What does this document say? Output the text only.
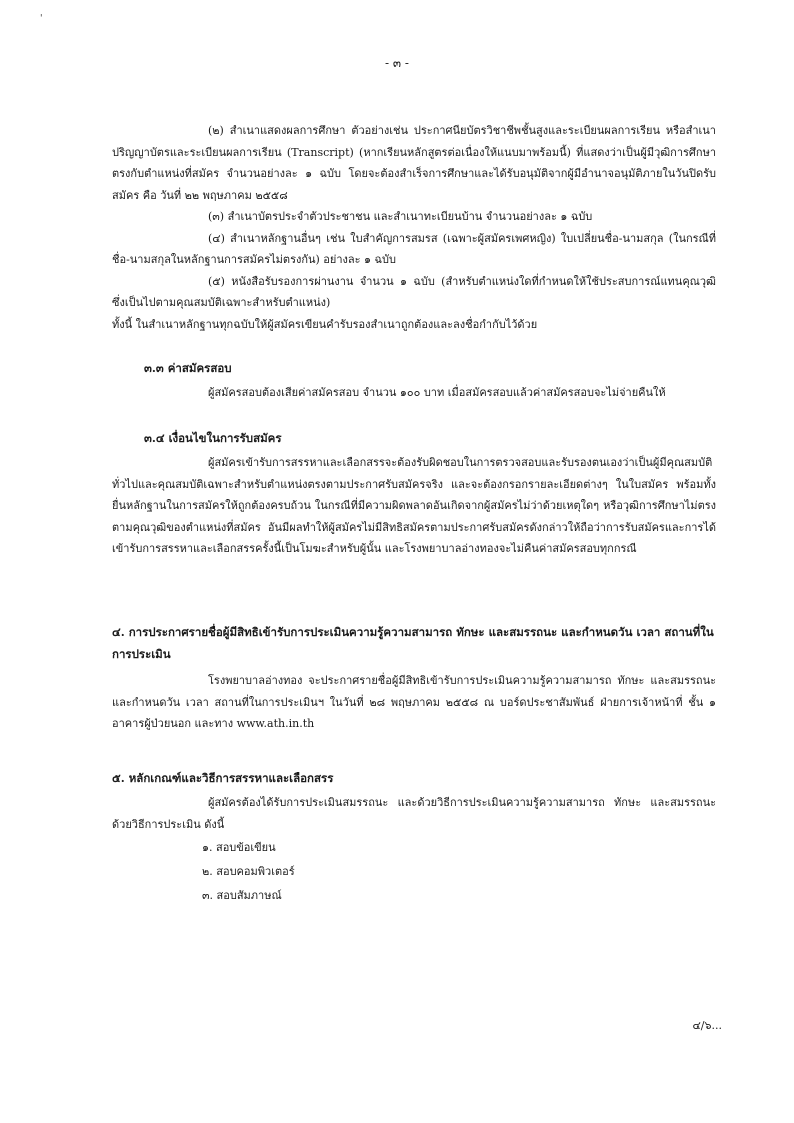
'
- ๓ -

(๒) สำเนาแสดงผลการศึกษา ตัวอย่างเช่น ประกาศนียบัตรวิชาชีพชั้นสูงและระเบียนผลการเรียน หรือสำเนาปริญญาบัตรและระเบียนผลการเรียน (Transcript) (หากเรียนหลักสูตรต่อเนื่องให้แนบมาพร้อมนี้) ที่แสดงว่าเป็นผู้มีวุฒิการศึกษาตรงกับตำแหน่งที่สมัคร จำนวนอย่างละ ๑ ฉบับ โดยจะต้องสำเร็จการศึกษาและได้รับอนุมัติจากผู้มีอำนาจอนุมัติภายในวันปิดรับสมัคร คือ วันที่ ๒๒ พฤษภาคม ๒๕๕๘

(๓) สำเนาบัตรประจำตัวประชาชน และสำเนาทะเบียนบ้าน จำนวนอย่างละ ๑ ฉบับ

(๔) สำเนาหลักฐานอื่นๆ เช่น ใบสำคัญการสมรส (เฉพาะผู้สมัครเพศหญิง) ใบเปลี่ยนชื่อ-นามสกุล (ในกรณีที่ชื่อ-นามสกุลในหลักฐานการสมัครไม่ตรงกัน) อย่างละ ๑ ฉบับ

(๕) หนังสือรับรองการผ่านงาน จำนวน ๑ ฉบับ (สำหรับตำแหน่งใดที่กำหนดให้ใช้ประสบการณ์แทนคุณวุฒิ ซึ่งเป็นไปตามคุณสมบัติเฉพาะสำหรับตำแหน่ง)

ทั้งนี้ ในสำเนาหลักฐานทุกฉบับให้ผู้สมัครเขียนคำรับรองสำเนาถูกต้องและลงชื่อกำกับไว้ด้วย

๓.๓ ค่าสมัครสอบ

ผู้สมัครสอบต้องเสียค่าสมัครสอบ จำนวน ๑๐๐ บาท เมื่อสมัครสอบแล้วค่าสมัครสอบจะไม่จ่ายคืนให้

๓.๔ เงื่อนไขในการรับสมัคร

ผู้สมัครเข้ารับการสรรหาและเลือกสรรจะต้องรับผิดชอบในการตรวจสอบและรับรองตนเองว่าเป็นผู้มีคุณสมบัติทั่วไปและคุณสมบัติเฉพาะสำหรับตำแหน่งตรงตามประกาศรับสมัครจริง และจะต้องกรอกรายละเอียดต่างๆ ในใบสมัคร พร้อมทั้งยื่นหลักฐานในการสมัครให้ถูกต้องครบถ้วน ในกรณีที่มีความผิดพลาดอันเกิดจากผู้สมัครไม่ว่าด้วยเหตุใดๆ หรือวุฒิการศึกษาไม่ตรงตามคุณวุฒิของตำแหน่งที่สมัคร อันมีผลทำให้ผู้สมัครไม่มีสิทธิสมัครตามประกาศรับสมัครดังกล่าวให้ถือว่าการรับสมัครและการได้เข้ารับการสรรหาและเลือกสรรครั้งนี้เป็นโมฆะสำหรับผู้นั้น และโรงพยาบาลอ่างทองจะไม่คืนค่าสมัครสอบทุกกรณี

๔. การประกาศรายชื่อผู้มีสิทธิเข้ารับการประเมินความรู้ความสามารถ ทักษะ และสมรรถนะ และกำหนดวัน เวลา สถานที่ในการประเมิน

โรงพยาบาลอ่างทอง จะประกาศรายชื่อผู้มีสิทธิเข้ารับการประเมินความรู้ความสามารถ ทักษะ และสมรรถนะ และกำหนดวัน เวลา สถานที่ในการประเมินฯ ในวันที่ ๒๘ พฤษภาคม ๒๕๕๘ ณ บอร์ดประชาสัมพันธ์ ฝ่ายการเจ้าหน้าที่ ชั้น ๑ อาคารผู้ป่วยนอก และทาง www.ath.in.th

๕. หลักเกณฑ์และวิธีการสรรหาและเลือกสรร

ผู้สมัครต้องได้รับการประเมินสมรรถนะ และด้วยวิธีการประเมินความรู้ความสามารถ ทักษะ และสมรรถนะ ด้วยวิธีการประเมิน ดังนี้

๑. สอบข้อเขียน
๒. สอบคอมพิวเตอร์
๓. สอบสัมภาษณ์
๔/๖...
